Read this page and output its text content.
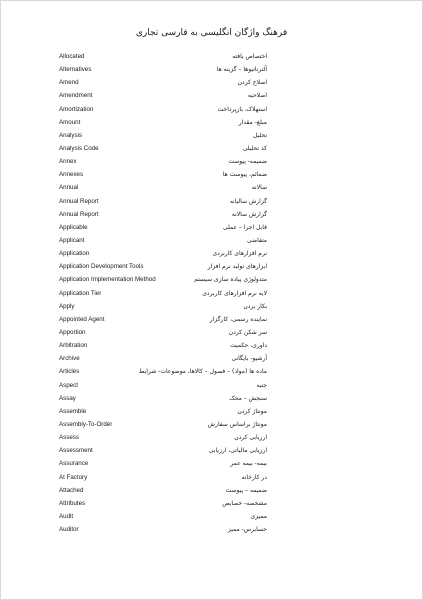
فرهنگ واژگان انگلیسی به فارسی تجاری
Allocated	اختصاص یافته
Alternatives	آلترناتیوها – گزینه ها
Amend	اصلاح کردن
Amendment	اصلاحیه
Amortization	استهلاک، بازپرداخت
Amount	مبلغ- مقدار
Analysis	تحلیل
Analysis Code	کد تحلیلی
Annex	ضمیمه- پیوست
Annexes	ضمائم، پیوست ها
Annual	سالانه
Annual Report	گزارش سالیانه
Annual Report	گزارش سالانه
Applicable	قابل اجرا – عملی
Applicant	متقاضی
Application	نرم افزارهای کاربردی
Application Development Tools	ابزارهای تولید نرم افزار
Application Implementation Method	متدولوژی پیاده سازی سیستم
Application Tier	لایه نرم افزارهای کاربردی
Apply	بکار بردن
Appointed Agent	نماینده رسمی، کارگزار
Apportion	سر شکن کردن
Arbitration	داوری، حکمیت
Archive	آرشیو- بایگانی
Articles	ماده ها (مواد) – فصول – کالاها، موضوعات- شرایط
Aspect	جنبه
Assay	سنجش – محک
Assemble	مونتاژ کردن
Assembly-To-Order	مونتاژ براساس سفارش
Assess	ارزیابی کردن
Assessment	ارزیابی مالیاتی، ارزیابی
Assurance	بیمه- بیمه عمر
At Factory	در کارخانه
Attached	ضمیمه – پیوست
Attributes	مشخصه- خصایص
Audit	ممیزی
Auditor	حسابرس- ممیز
